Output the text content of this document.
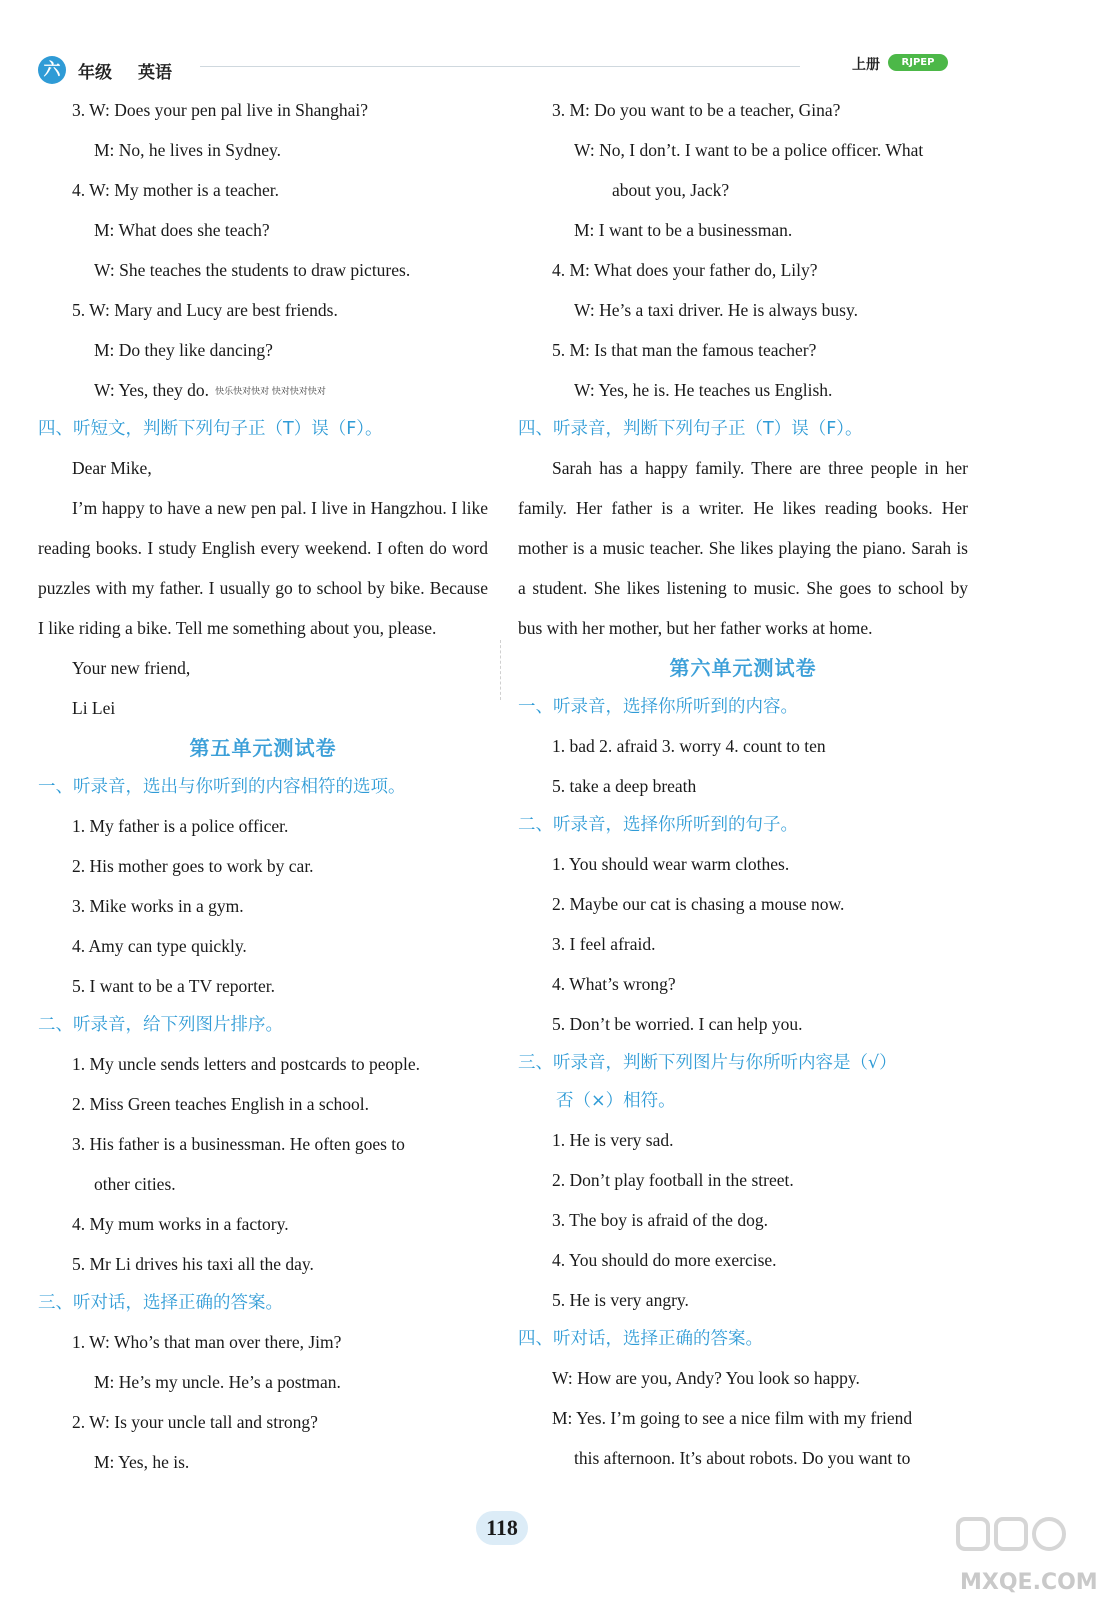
六	年级 英语	上册	RJPEP
3. W: Does your pen pal live in Shanghai?
M: No, he lives in Sydney.
4. W: My mother is a teacher.
M: What does she teach?
W: She teaches the students to draw pictures.
5. W: Mary and Lucy are best friends.
M: Do they like dancing?
W: Yes, they do. 快乐快对快对 快对快对快对
四、听短文，判断下列句子正（T）误（F）。
Dear Mike,
I’m happy to have a new pen pal. I live in Hangzhou. I like reading books. I study English every weekend. I often do word puzzles with my father. I usually go to school by bike. Because I like riding a bike. Tell me something about you, please.
Your new friend,
Li Lei
第五单元测试卷
一、听录音，选出与你听到的内容相符的选项。
1. My father is a police officer.
2. His mother goes to work by car.
3. Mike works in a gym.
4. Amy can type quickly.
5. I want to be a TV reporter.
二、听录音，给下列图片排序。
1. My uncle sends letters and postcards to people.
2. Miss Green teaches English in a school.
3. His father is a businessman. He often goes to
other cities.
4. My mum works in a factory.
5. Mr Li drives his taxi all the day.
三、听对话，选择正确的答案。
1. W: Who’s that man over there, Jim?
M: He’s my uncle. He’s a postman.
2. W: Is your uncle tall and strong?
M: Yes, he is.
3. M: Do you want to be a teacher, Gina?
W: No, I don’t. I want to be a police officer. What
about you, Jack?
M: I want to be a businessman.
4. M: What does your father do, Lily?
W: He’s a taxi driver. He is always busy.
5. M: Is that man the famous teacher?
W: Yes, he is. He teaches us English.
四、听录音，判断下列句子正（T）误（F）。
Sarah has a happy family. There are three people in her family. Her father is a writer. He likes reading books. Her mother is a music teacher. She likes playing the piano. Sarah is a student. She likes listening to music. She goes to school by bus with her mother, but her father works at home.
第六单元测试卷
一、听录音，选择你所听到的内容。
1. bad 2. afraid 3. worry 4. count to ten
5. take a deep breath
二、听录音，选择你所听到的句子。
1. You should wear warm clothes.
2. Maybe our cat is chasing a mouse now.
3. I feel afraid.
4. What’s wrong?
5. Don’t be worried. I can help you.
三、听录音，判断下列图片与你所听内容是（√）
否（×）相符。
1. He is very sad.
2. Don’t play football in the street.
3. The boy is afraid of the dog.
4. You should do more exercise.
5. He is very angry.
四、听对话，选择正确的答案。
W: How are you, Andy? You look so happy.
M: Yes. I’m going to see a nice film with my friend
this afternoon. It’s about robots. Do you want to
118
MXQE.COM
